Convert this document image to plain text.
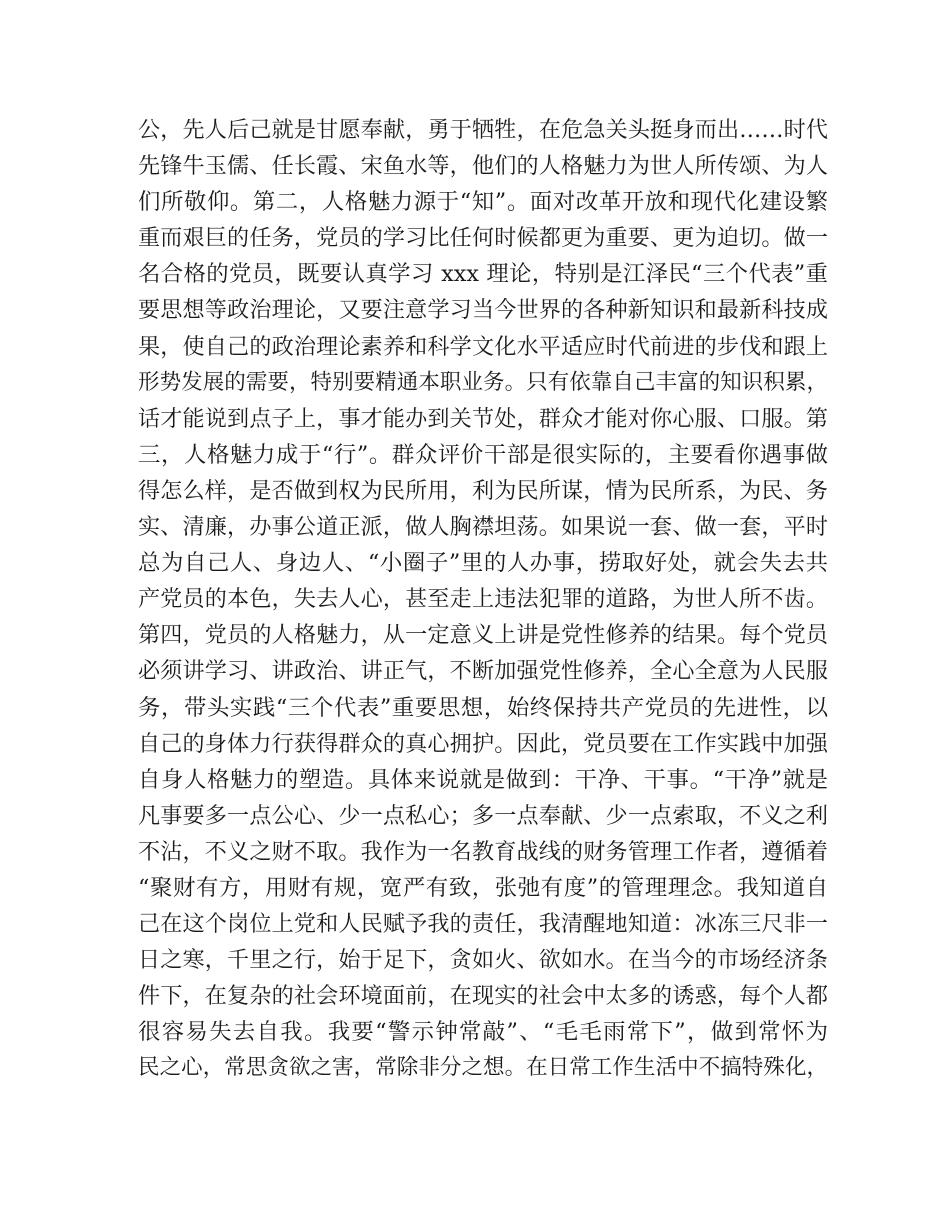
公，先人后己就是甘愿奉献，勇于牺牲，在危急关头挺身而出……时代
先锋牛玉儒、任长霞、宋鱼水等，他们的人格魅力为世人所传颂、为人
们所敬仰。第二，人格魅力源于“知”。面对改革开放和现代化建设繁
重而艰巨的任务，党员的学习比任何时候都更为重要、更为迫切。做一
名合格的党员，既要认真学习 xxx 理论，特别是江泽民“三个代表”重
要思想等政治理论，又要注意学习当今世界的各种新知识和最新科技成
果，使自己的政治理论素养和科学文化水平适应时代前进的步伐和跟上
形势发展的需要，特别要精通本职业务。只有依靠自己丰富的知识积累，
话才能说到点子上，事才能办到关节处，群众才能对你心服、口服。第
三，人格魅力成于“行”。群众评价干部是很实际的，主要看你遇事做
得怎么样，是否做到权为民所用，利为民所谋，情为民所系，为民、务
实、清廉，办事公道正派，做人胸襟坦荡。如果说一套、做一套，平时
总为自己人、身边人、“小圈子”里的人办事，捞取好处，就会失去共
产党员的本色，失去人心，甚至走上违法犯罪的道路，为世人所不齿。
第四，党员的人格魅力，从一定意义上讲是党性修养的结果。每个党员
必须讲学习、讲政治、讲正气，不断加强党性修养，全心全意为人民服
务，带头实践“三个代表”重要思想，始终保持共产党员的先进性，以
自己的身体力行获得群众的真心拥护。因此，党员要在工作实践中加强
自身人格魅力的塑造。具体来说就是做到：干净、干事。“干净”就是
凡事要多一点公心、少一点私心；多一点奉献、少一点索取，不义之利
不沾，不义之财不取。我作为一名教育战线的财务管理工作者，遵循着
“聚财有方，用财有规，宽严有致，张弛有度”的管理理念。我知道自
己在这个岗位上党和人民赋予我的责任，我清醒地知道：冰冻三尺非一
日之寒，千里之行，始于足下，贪如火、欲如水。在当今的市场经济条
件下，在复杂的社会环境面前，在现实的社会中太多的诱惑，每个人都
很容易失去自我。我要“警示钟常敲”、“毛毛雨常下”，做到常怀为
民之心，常思贪欲之害，常除非分之想。在日常工作生活中不搞特殊化，
